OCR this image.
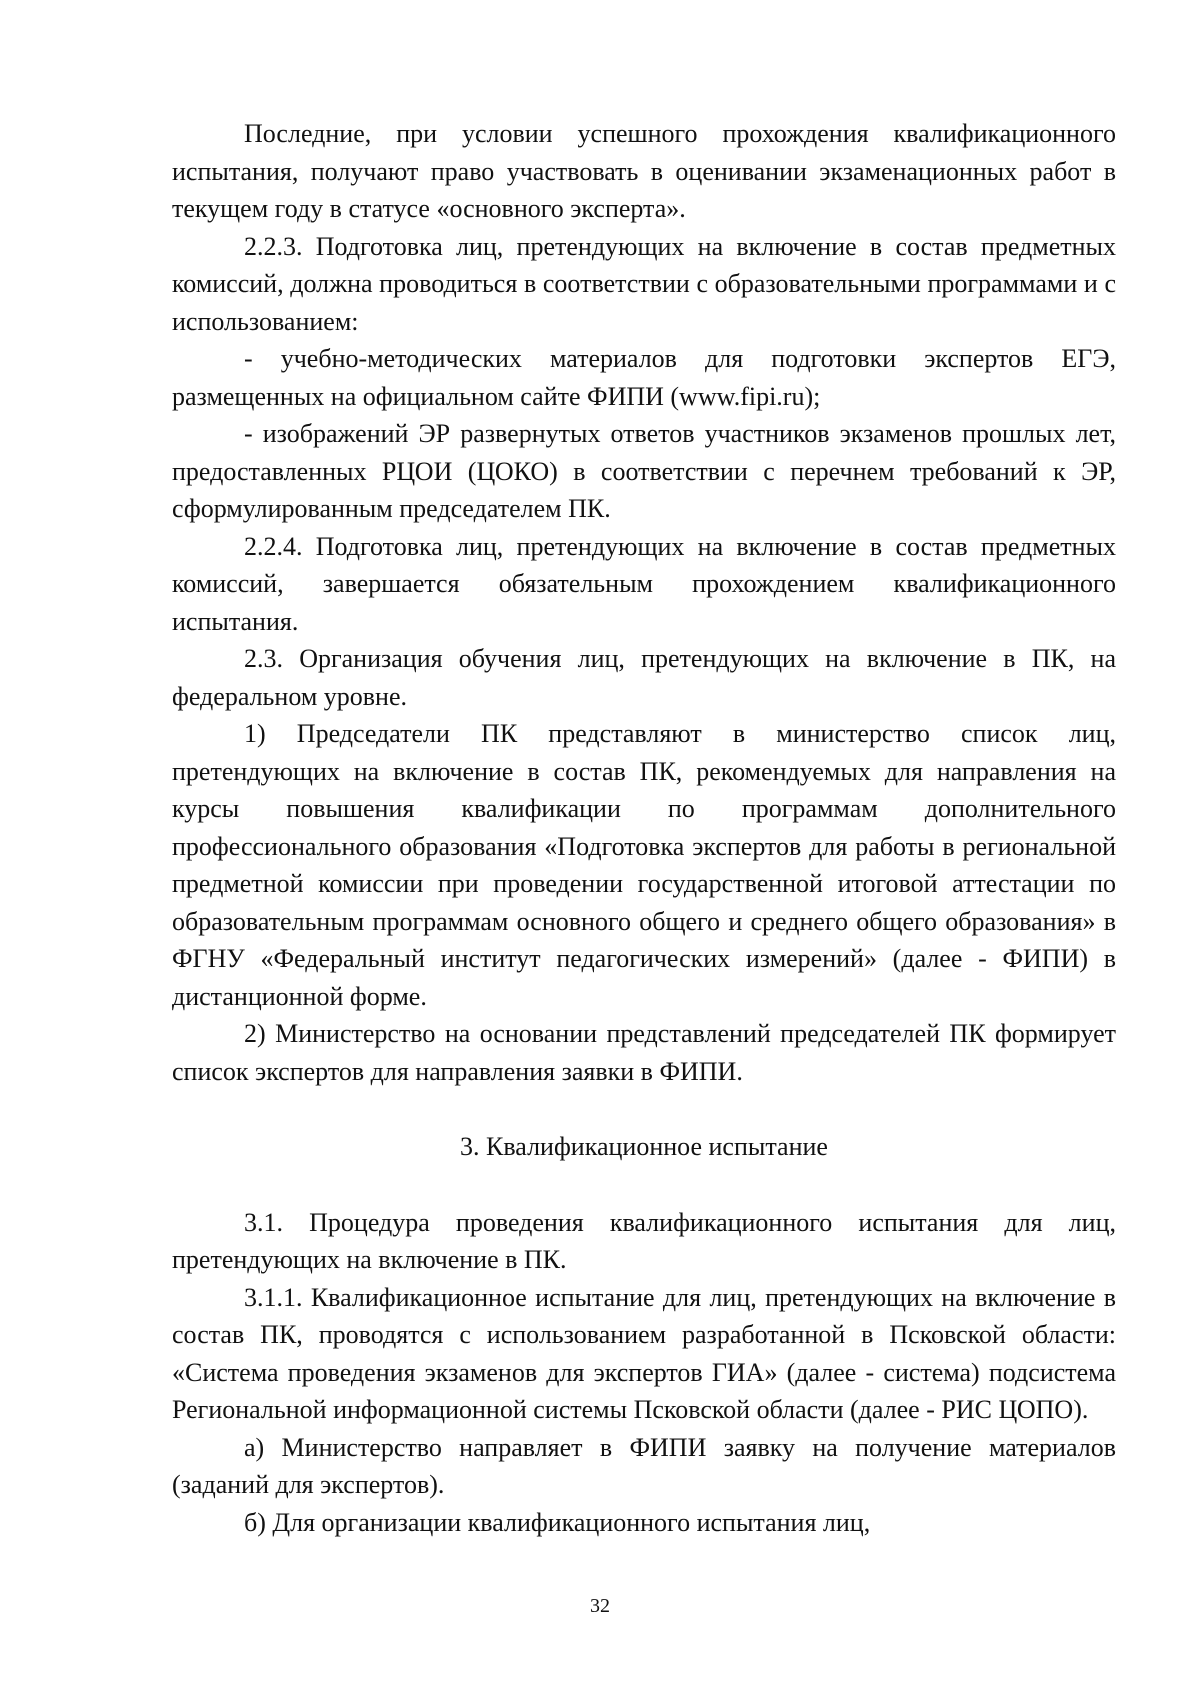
Последние, при условии успешного прохождения квалификационного испытания, получают право участвовать в оценивании экзаменационных работ в текущем году в статусе «основного эксперта».

2.2.3. Подготовка лиц, претендующих на включение в состав предметных комиссий, должна проводиться в соответствии с образовательными программами и с использованием:

- учебно-методических материалов для подготовки экспертов ЕГЭ, размещенных на официальном сайте ФИПИ (www.fipi.ru);

- изображений ЭР развернутых ответов участников экзаменов прошлых лет, предоставленных РЦОИ (ЦОКО) в соответствии с перечнем требований к ЭР, сформулированным председателем ПК.

2.2.4. Подготовка лиц, претендующих на включение в состав предметных комиссий, завершается обязательным прохождением квалификационного испытания.

2.3. Организация обучения лиц, претендующих на включение в ПК, на федеральном уровне.

1) Председатели ПК представляют в министерство список лиц, претендующих на включение в состав ПК, рекомендуемых для направления на курсы повышения квалификации по программам дополнительного профессионального образования «Подготовка экспертов для работы в региональной предметной комиссии при проведении государственной итоговой аттестации по образовательным программам основного общего и среднего общего образования» в ФГНУ «Федеральный институт педагогических измерений» (далее - ФИПИ) в дистанционной форме.

2) Министерство на основании представлений председателей ПК формирует список экспертов для направления заявки в ФИПИ.

3. Квалификационное испытание

3.1. Процедура проведения квалификационного испытания для лиц, претендующих на включение в ПК.

3.1.1. Квалификационное испытание для лиц, претендующих на включение в состав ПК, проводятся с использованием разработанной в Псковской области: «Система проведения экзаменов для экспертов ГИА» (далее - система) подсистема Региональной информационной системы Псковской области (далее - РИС ЦОПО).

а) Министерство направляет в ФИПИ заявку на получение материалов (заданий для экспертов).

б) Для организации квалификационного испытания лиц,

32
